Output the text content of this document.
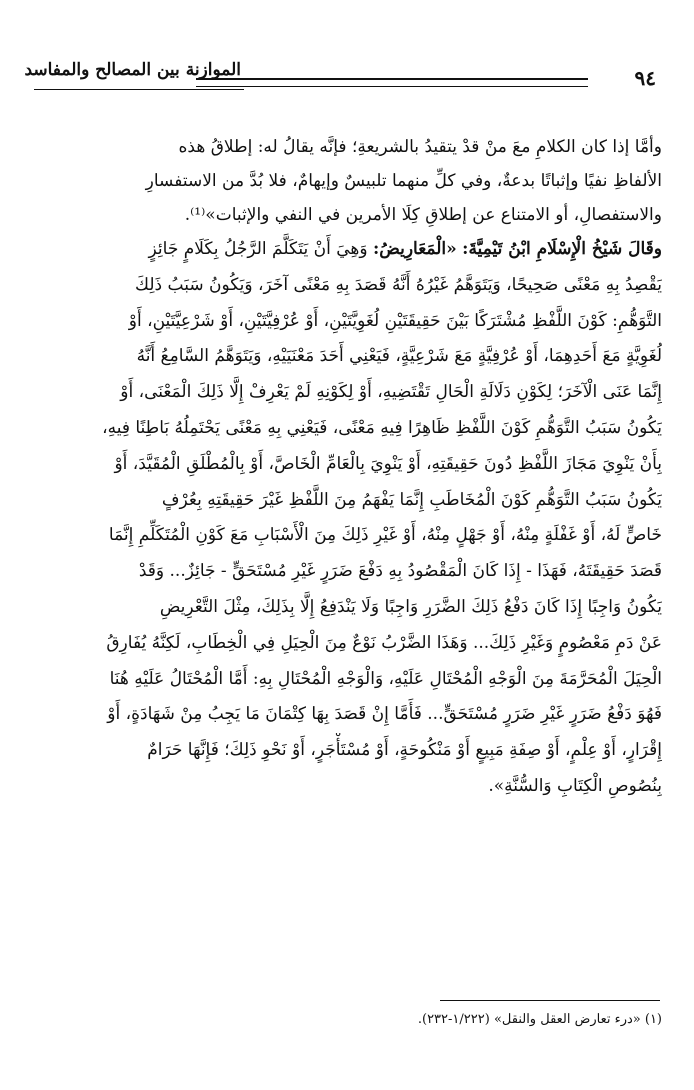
الموازنة بين المصالح والمفاسد	٩٤

وأمَّا إذا كان الكلامِ معَ منْ قدْ يتقيدُ بالشريعةِ؛ فإنَّه يقالُ له: إطلاقُ هذه
الألفاظِ نفيًا وإثباتًا بدعةٌ، وفي كلِّ منهما تلبيسٌ وإيهامٌ، فلا بُدَّ من الاستفسارِ
والاستفصالِ، أو الامتناع عن إطلاقِ كِلَا الأمرين في النفي والإثبات»⁽¹⁾.

وقَالَ شَيْخُ الْإِسْلَامِ ابْنُ تَيْمِيَّةَ: «الْمَعَارِيضُ: وَهِيَ أَنْ يَتَكَلَّمَ الرَّجُلُ بِكَلَامٍ جَائِزٍ
يَقْصِدُ بِهِ مَعْنًى صَحِيحًا، وَيَتَوَهَّمُ غَيْرُهُ أَنَّهُ قَصَدَ بِهِ مَعْنًى آخَرَ، وَيَكُونُ سَبَبُ ذَلِكَ
التَّوَهُّمِ: كَوْنَ اللَّفْظِ مُشْتَرَكًا بَيْنَ حَقِيقَتَيْنِ لُغَوِيَّتَيْنِ، أَوْ عُرْفِيَّتَيْنِ، أَوْ شَرْعِيَّتَيْنِ، أَوْ
لُغَوِيَّةٍ مَعَ أَحَدِهِمَا، أَوْ عُرْفِيَّةٍ مَعَ شَرْعِيَّةٍ، فَيَعْنِي أَحَدَ مَعْنَيَيْهِ، وَيَتَوَهَّمُ السَّامِعُ أَنَّهُ
إِنَّمَا عَنَى الْآخَرَ؛ لِكَوْنِ دَلَالَةِ الْحَالِ تَقْتَضِيهِ، أَوْ لِكَوْنِهِ لَمْ يَعْرِفْ إِلَّا ذَلِكَ الْمَعْنَى، أَوْ
يَكُونُ سَبَبُ التَّوَهُّمِ كَوْنَ اللَّفْظِ ظَاهِرًا فِيهِ مَعْنًى، فَيَعْنِي بِهِ مَعْنًى يَحْتَمِلُهُ بَاطِنًا فِيهِ،
بِأَنْ يَنْوِيَ مَجَازَ اللَّفْظِ دُونَ حَقِيقَتِهِ، أَوْ يَنْوِيَ بِالْعَامِّ الْخَاصَّ، أَوْ بِالْمُطْلَقِ الْمُقَيَّدَ، أَوْ
يَكُونُ سَبَبُ التَّوَهُّمِ كَوْنَ الْمُخَاطَبِ إِنَّمَا يَفْهَمُ مِنَ اللَّفْظِ غَيْرَ حَقِيقَتِهِ بِعُرْفٍ
خَاصٍّ لَهُ، أَوْ غَفْلَةٍ مِنْهُ، أَوْ جَهْلٍ مِنْهُ، أَوْ غَيْرِ ذَلِكَ مِنَ الْأَسْبَابِ مَعَ كَوْنِ الْمُتَكَلِّمِ إِنَّمَا
قَصَدَ حَقِيقَتَهُ، فَهَذَا - إِذَا كَانَ الْمَقْصُودُ بِهِ دَفْعَ ضَرَرٍ غَيْرِ مُسْتَحَقٍّ - جَائِزٌ... وَقَدْ
يَكُونُ وَاجِبًا إِذَا كَانَ دَفْعُ ذَلِكَ الضَّرَرِ وَاجِبًا وَلَا يَنْدَفِعُ إِلَّا بِذَلِكَ، مِثْلَ التَّعْرِيضِ
عَنْ دَمِ مَعْصُومٍ وَغَيْرِ ذَلِكَ... وَهَذَا الضَّرْبُ نَوْعٌ مِنَ الْحِيَلِ فِي الْخِطَابِ، لَكِنَّهُ يُفَارِقُ
الْحِيَلَ الْمُحَرَّمَةَ مِنَ الْوَجْهِ الْمُحْتَالِ عَلَيْهِ، وَالْوَجْهِ الْمُحْتَالِ بِهِ: أَمَّا الْمُحْتَالُ عَلَيْهِ هُنَا
فَهُوَ دَفْعُ ضَرَرٍ غَيْرِ ضَرَرٍ مُسْتَحَقٍّ... فَأَمَّا إِنْ قَصَدَ بِهَا كِتْمَانَ مَا يَجِبُ مِنْ شَهَادَةٍ، أَوْ
إِقْرَارٍ، أَوْ عِلْمٍ، أَوْ صِفَةِ مَبِيعٍ أَوْ مَنْكُوحَةٍ، أَوْ مُسْتَأْجَرٍ، أَوْ نَحْوِ ذَلِكَ؛ فَإِنَّهَا حَرَامٌ
بِنُصُوصِ الْكِتَابِ وَالسُّنَّةِ».

(١) «درء تعارض العقل والنقل» (١/٢٢٢-٢٣٢).
